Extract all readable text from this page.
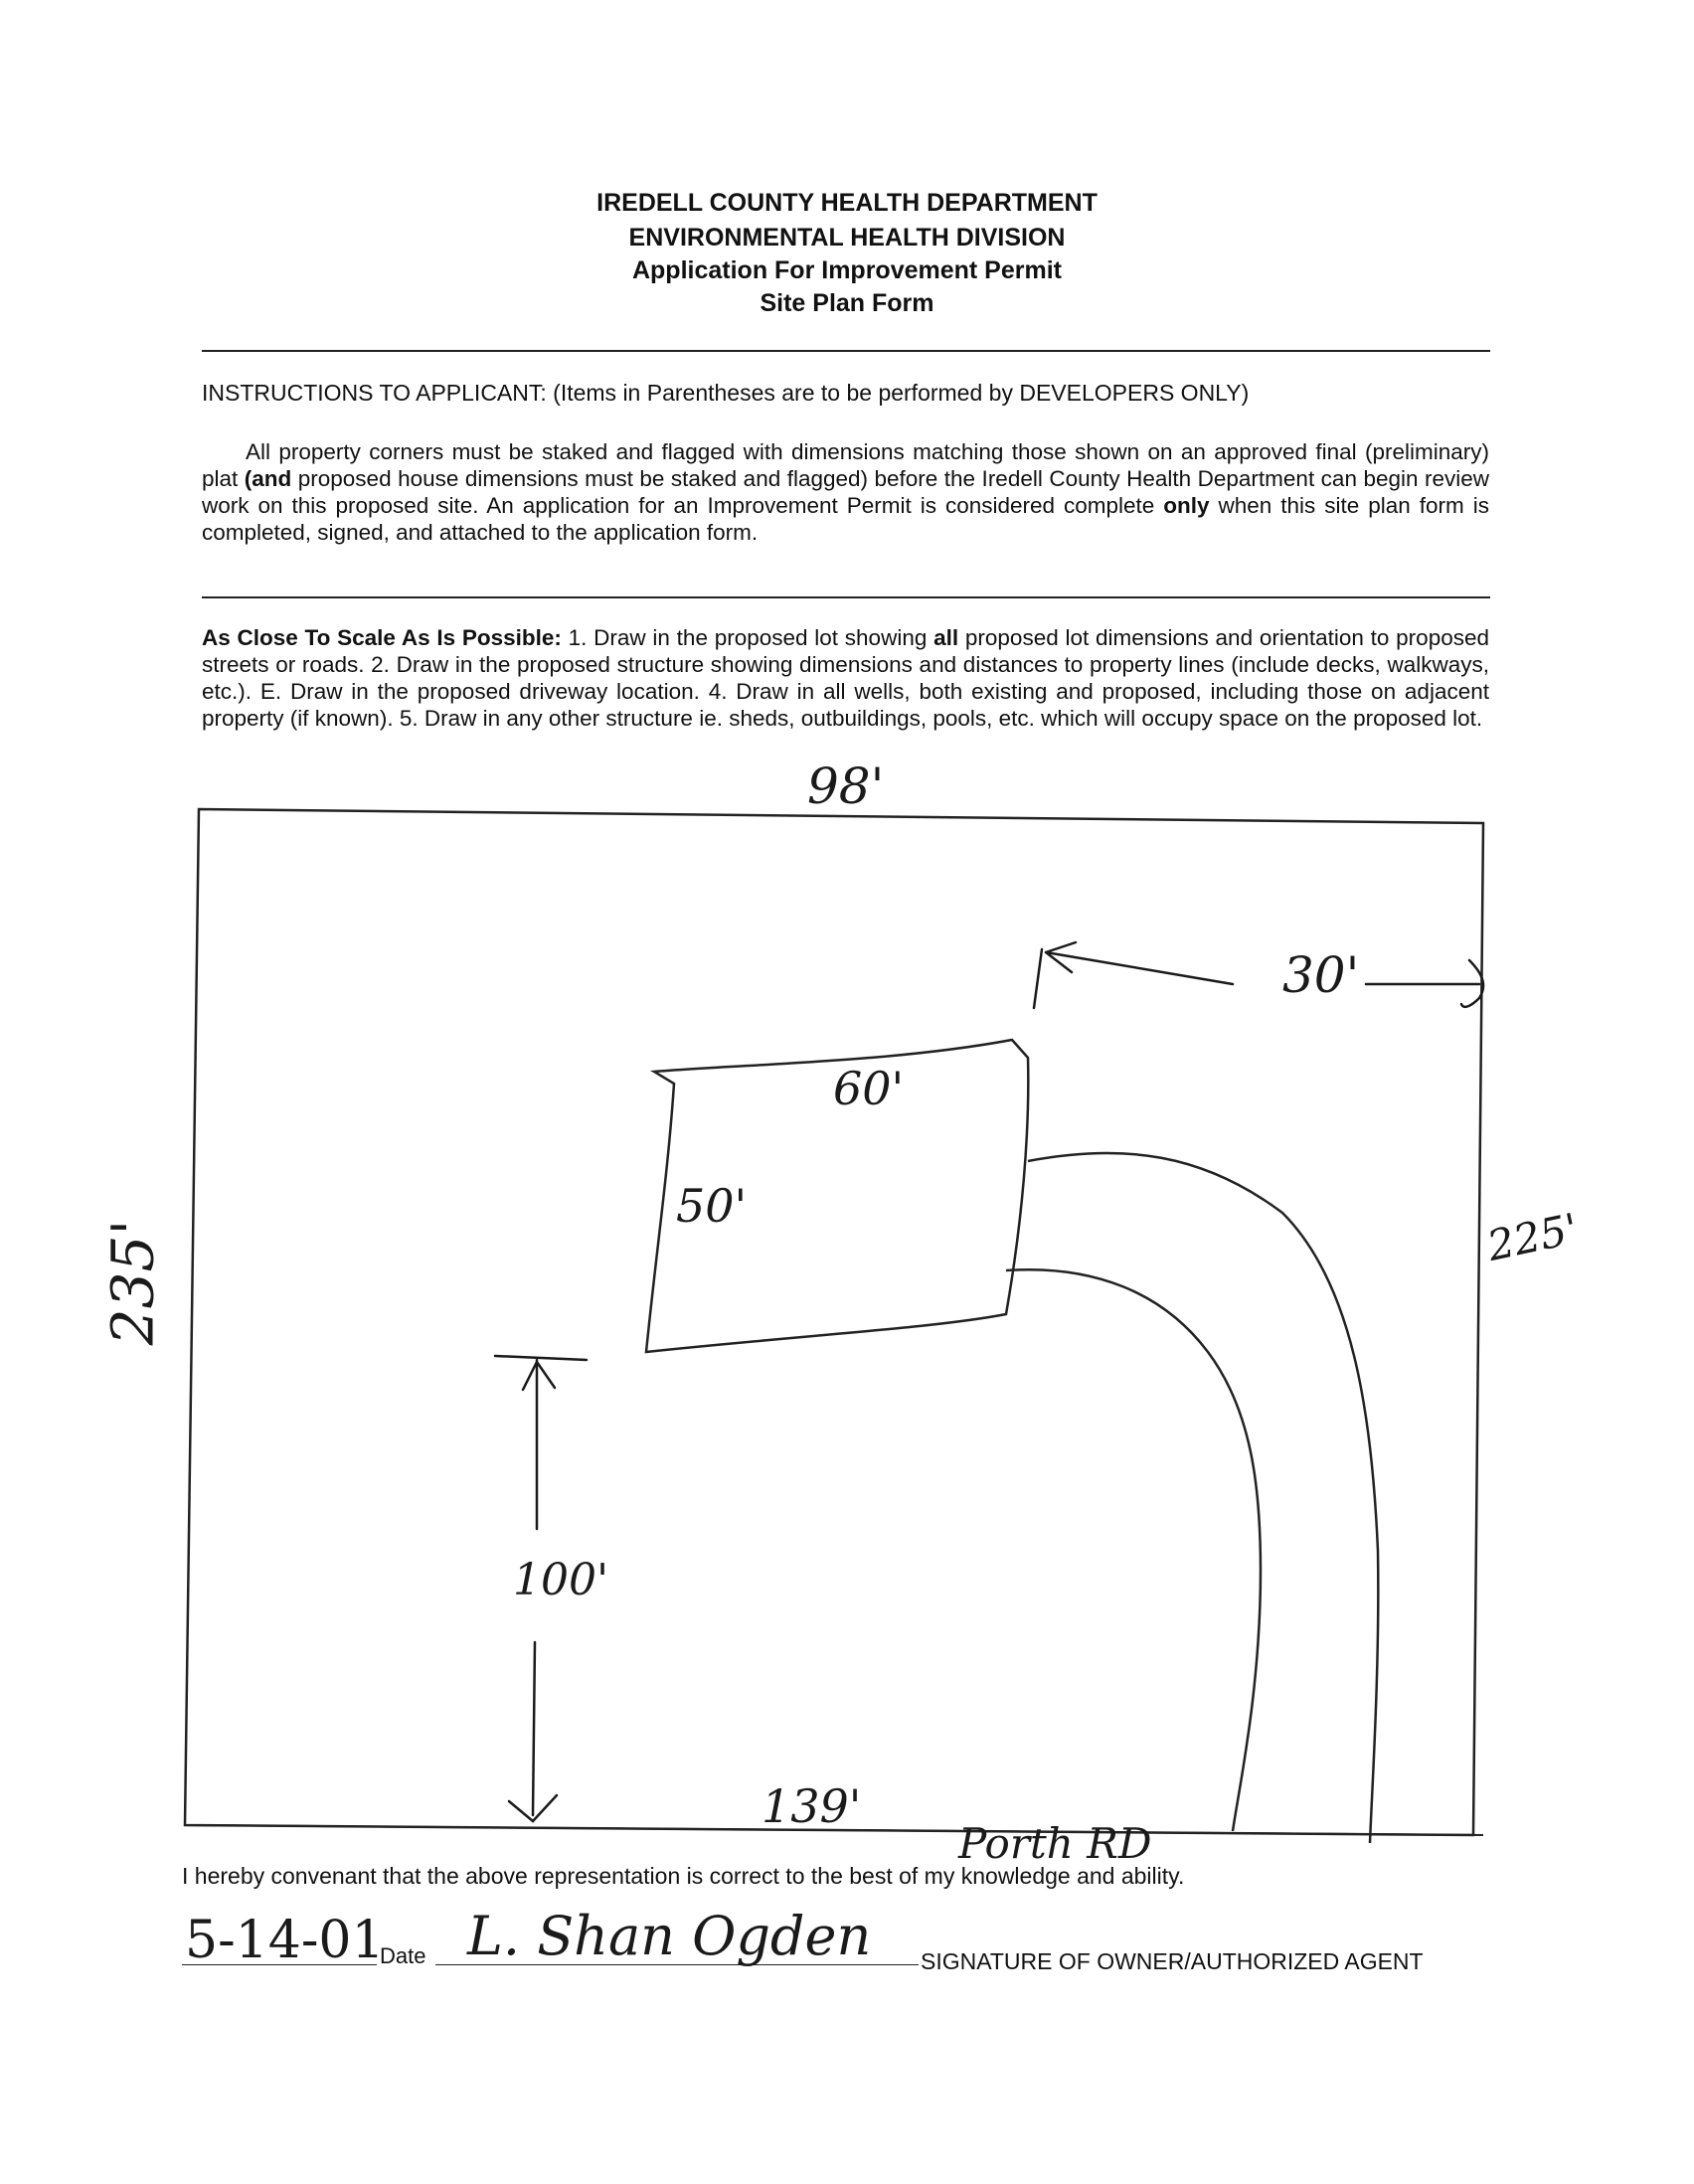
IREDELL COUNTY HEALTH DEPARTMENT
ENVIRONMENTAL HEALTH DIVISION
Application For Improvement Permit
Site Plan Form
INSTRUCTIONS TO APPLICANT: (Items in Parentheses are to be performed by DEVELOPERS ONLY)
All property corners must be staked and flagged with dimensions matching those shown on an approved final (preliminary) plat (and proposed house dimensions must be staked and flagged) before the Iredell County Health Department can begin review work on this proposed site. An application for an Improvement Permit is considered complete only when this site plan form is completed, signed, and attached to the application form.
As Close To Scale As Is Possible: 1. Draw in the proposed lot showing all proposed lot dimensions and orientation to proposed streets or roads. 2. Draw in the proposed structure showing dimensions and distances to property lines (include decks, walkways, etc.). E. Draw in the proposed driveway location. 4. Draw in all wells, both existing and proposed, including those on adjacent property (if known). 5. Draw in any other structure ie. sheds, outbuildings, pools, etc. which will occupy space on the proposed lot.
98'
235'	225'
139'
60'
50'
30'
100'
Porth RD
I hereby convenant that the above representation is correct to the best of my knowledge and ability.
5-14-01
Date L. Shan Ogden SIGNATURE OF OWNER/AUTHORIZED AGENT
